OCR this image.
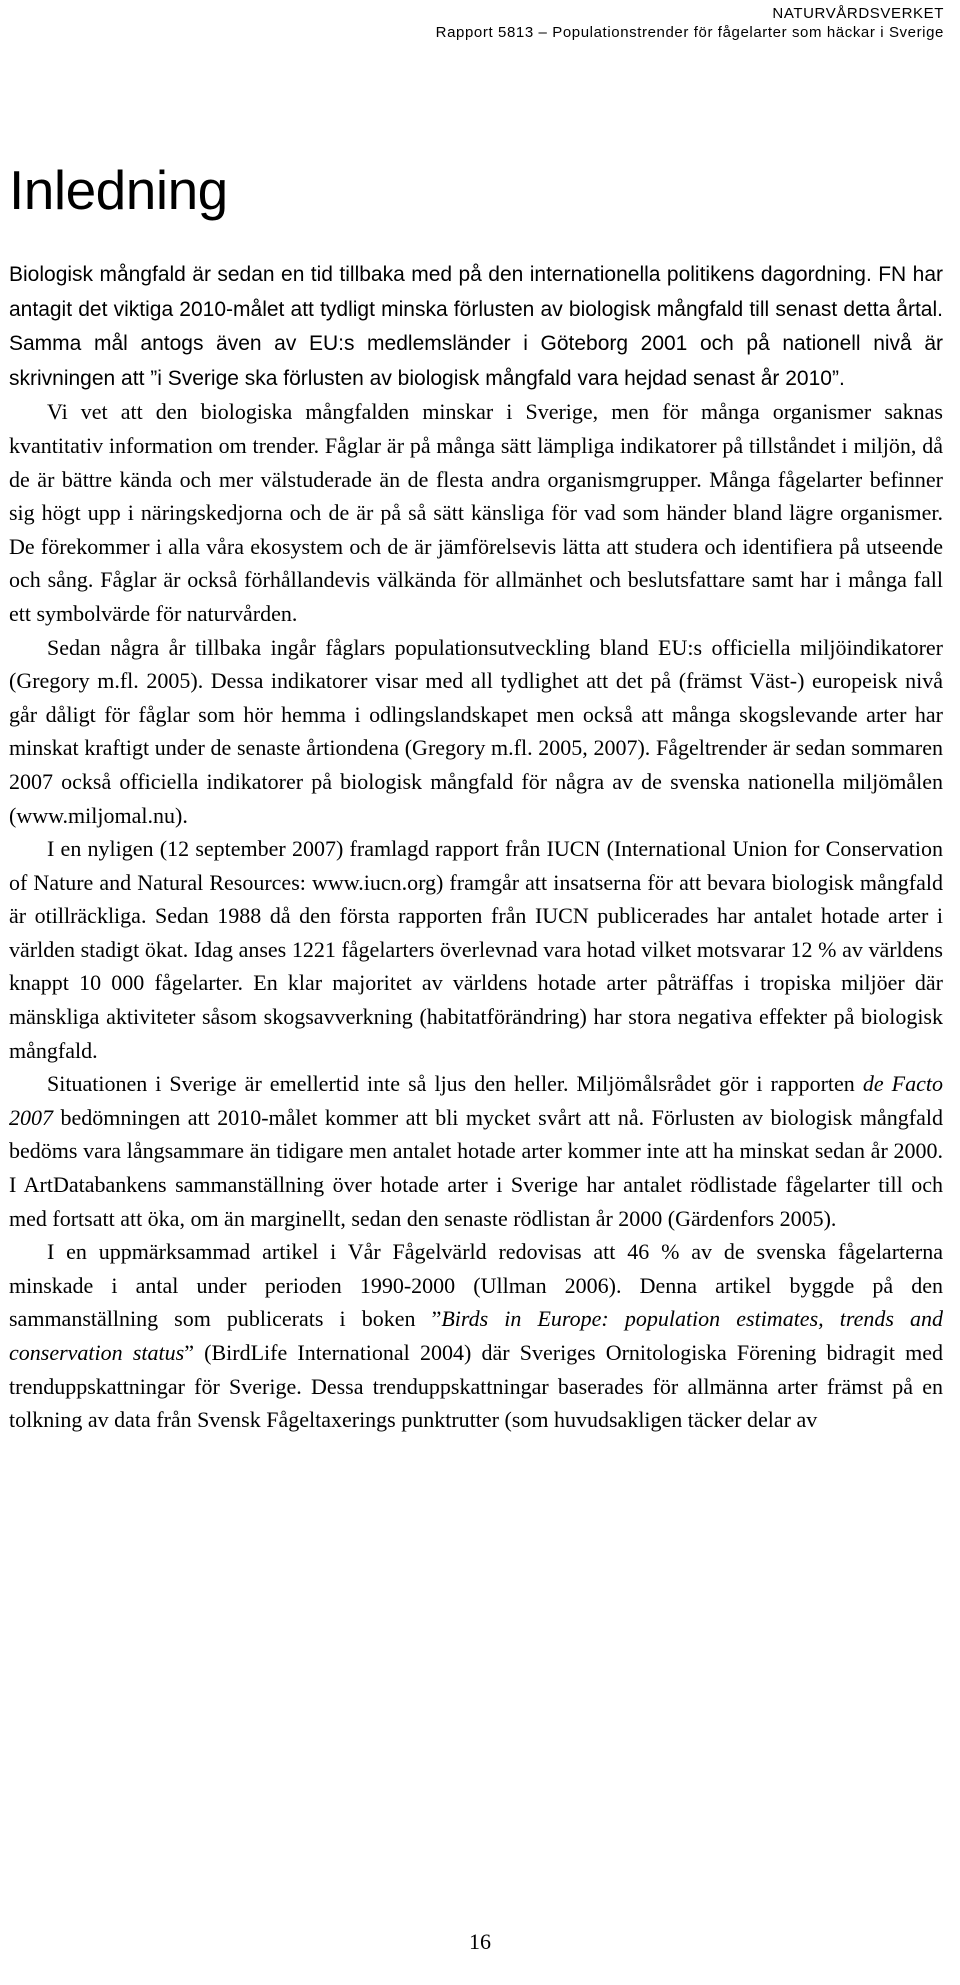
NATURVÅRDSVERKET
Rapport 5813 – Populationstrender för fågelarter som häckar i Sverige
Inledning

Biologisk mångfald är sedan en tid tillbaka med på den internationella politikens dagordning. FN har antagit det viktiga 2010-målet att tydligt minska förlusten av biologisk mångfald till senast detta årtal. Samma mål antogs även av EU:s medlemsländer i Göteborg 2001 och på nationell nivå är skrivningen att ”i Sverige ska förlusten av biologisk mångfald vara hejdad senast år 2010”.

Vi vet att den biologiska mångfalden minskar i Sverige, men för många organismer saknas kvantitativ information om trender. Fåglar är på många sätt lämpliga indikatorer på tillståndet i miljön, då de är bättre kända och mer välstuderade än de flesta andra organismgrupper. Många fågelarter befinner sig högt upp i näringskedjorna och de är på så sätt känsliga för vad som händer bland lägre organismer. De förekommer i alla våra ekosystem och de är jämförelsevis lätta att studera och identifiera på utseende och sång. Fåglar är också förhållandevis välkända för allmänhet och beslutsfattare samt har i många fall ett symbolvärde för naturvården.

Sedan några år tillbaka ingår fåglars populationsutveckling bland EU:s officiella miljöindikatorer (Gregory m.fl. 2005). Dessa indikatorer visar med all tydlighet att det på (främst Väst-) europeisk nivå går dåligt för fåglar som hör hemma i odlingslandskapet men också att många skogslevande arter har minskat kraftigt under de senaste årtiondena (Gregory m.fl. 2005, 2007). Fågeltrender är sedan sommaren 2007 också officiella indikatorer på biologisk mångfald för några av de svenska nationella miljömålen (www.miljomal.nu).

I en nyligen (12 september 2007) framlagd rapport från IUCN (International Union for Conservation of Nature and Natural Resources: www.iucn.org) framgår att insatserna för att bevara biologisk mångfald är otillräckliga. Sedan 1988 då den första rapporten från IUCN publicerades har antalet hotade arter i världen stadigt ökat. Idag anses 1221 fågelarters överlevnad vara hotad vilket motsvarar 12 % av världens knappt 10 000 fågelarter. En klar majoritet av världens hotade arter påträffas i tropiska miljöer där mänskliga aktiviteter såsom skogsavverkning (habitatförändring) har stora negativa effekter på biologisk mångfald.

Situationen i Sverige är emellertid inte så ljus den heller. Miljömålsrådet gör i rapporten de Facto 2007 bedömningen att 2010-målet kommer att bli mycket svårt att nå. Förlusten av biologisk mångfald bedöms vara långsammare än tidigare men antalet hotade arter kommer inte att ha minskat sedan år 2000. I ArtDatabankens sammanställning över hotade arter i Sverige har antalet rödlistade fågelarter till och med fortsatt att öka, om än marginellt, sedan den senaste rödlistan år 2000 (Gärdenfors 2005).

I en uppmärksammad artikel i Vår Fågelvärld redovisas att 46 % av de svenska fågelarterna minskade i antal under perioden 1990-2000 (Ullman 2006). Denna artikel byggde på den sammanställning som publicerats i boken ”Birds in Europe: population estimates, trends and conservation status” (BirdLife International 2004) där Sveriges Ornitologiska Förening bidragit med trenduppskattningar för Sverige. Dessa trenduppskattningar baserades för allmänna arter främst på en tolkning av data från Svensk Fågeltaxerings punktrutter (som huvudsakligen täcker delar av

16
